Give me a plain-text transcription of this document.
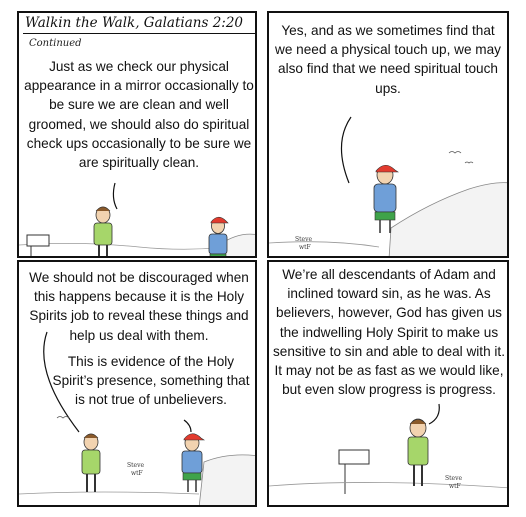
Walkin the Walk, Galatians 2:20
Continued
Just as we check our physical appearance in a mirror occasionally to be sure we are clean and well groomed, we should also do spiritual check ups occasionally to be sure we are spiritually clean.
Yes, and as we sometimes find that we need a physical touch up, we may also find that we need spiritual touch ups.
Steve
wtF
We should not be discouraged when this happens because it is the Holy Spirits job to reveal these things and help us deal with them.
This is evidence of the Holy Spirit’s presence, something that is not true of unbelievers.
Steve
wtF
We’re all descendants of Adam and inclined toward sin, as he was. As believers, however, God has given us the indwelling Holy Spirit to make us sensitive to sin and able to deal with it. It may not be as fast as we would like, but even slow progress is progress.
Steve
wtF
